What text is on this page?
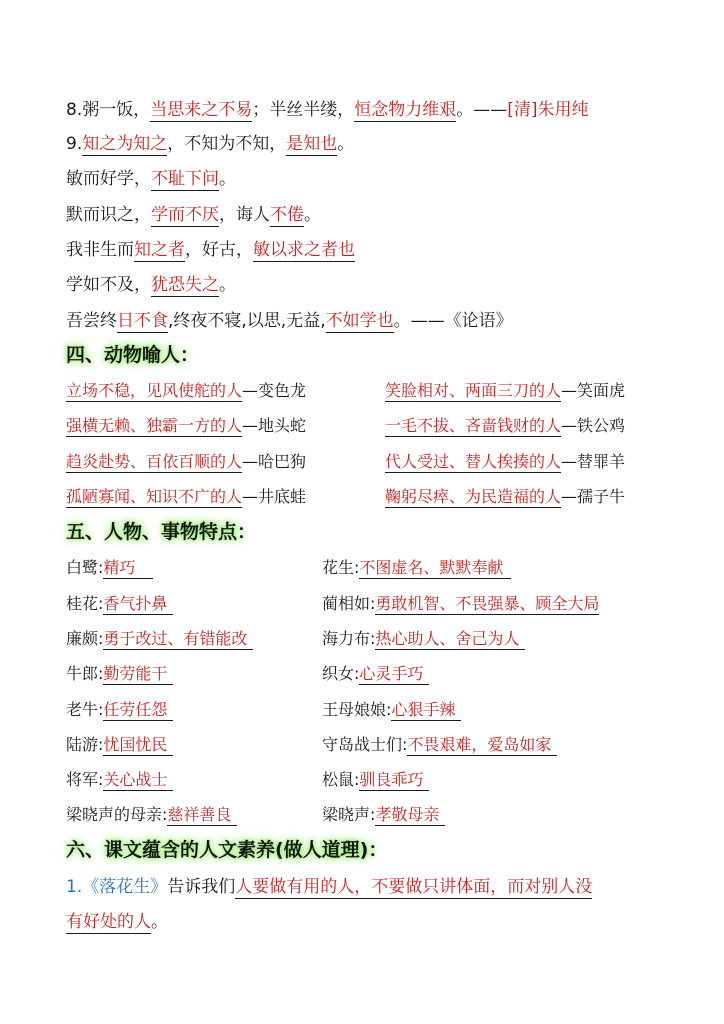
8.粥一饭，当思来之不易；半丝半缕，恒念物力维艰。——[清]朱用纯
9.知之为知之，不知为不知，是知也。
敏而好学，不耻下问。
默而识之，学而不厌，诲人不倦。
我非生而知之者，好古，敏以求之者也
学如不及，犹恐失之。
吾尝终日不食,终夜不寝,以思,无益,不如学也。——《论语》
四、动物喻人：
立场不稳，见风使舵的人—变色龙	笑脸相对、两面三刀的人—笑面虎
强横无赖、独霸一方的人—地头蛇	一毛不拔、吝啬钱财的人—铁公鸡
趋炎赴势、百依百顺的人—哈巴狗	代人受过、替人挨揍的人—替罪羊
孤陋寡闻、知识不广的人—井底蛙	鞠躬尽瘁、为民造福的人—孺子牛
五、人物、事物特点：
白鹭:精巧	花生:不图虚名、默默奉献
桂花:香气扑鼻	蔺相如:勇敢机智、不畏强暴、顾全大局
廉颇:勇于改过、有错能改	海力布:热心助人、舍己为人
牛郎:勤劳能干	织女:心灵手巧
老牛:任劳任怨	王母娘娘:心狠手辣
陆游:忧国忧民	守岛战士们:不畏艰难，爱岛如家
将军:关心战士	松鼠:驯良乖巧
梁晓声的母亲:慈祥善良	梁晓声:孝敬母亲
六、课文蕴含的人文素养(做人道理)：
1.《落花生》告诉我们人要做有用的人，不要做只讲体面，而对别人没
有好处的人。
